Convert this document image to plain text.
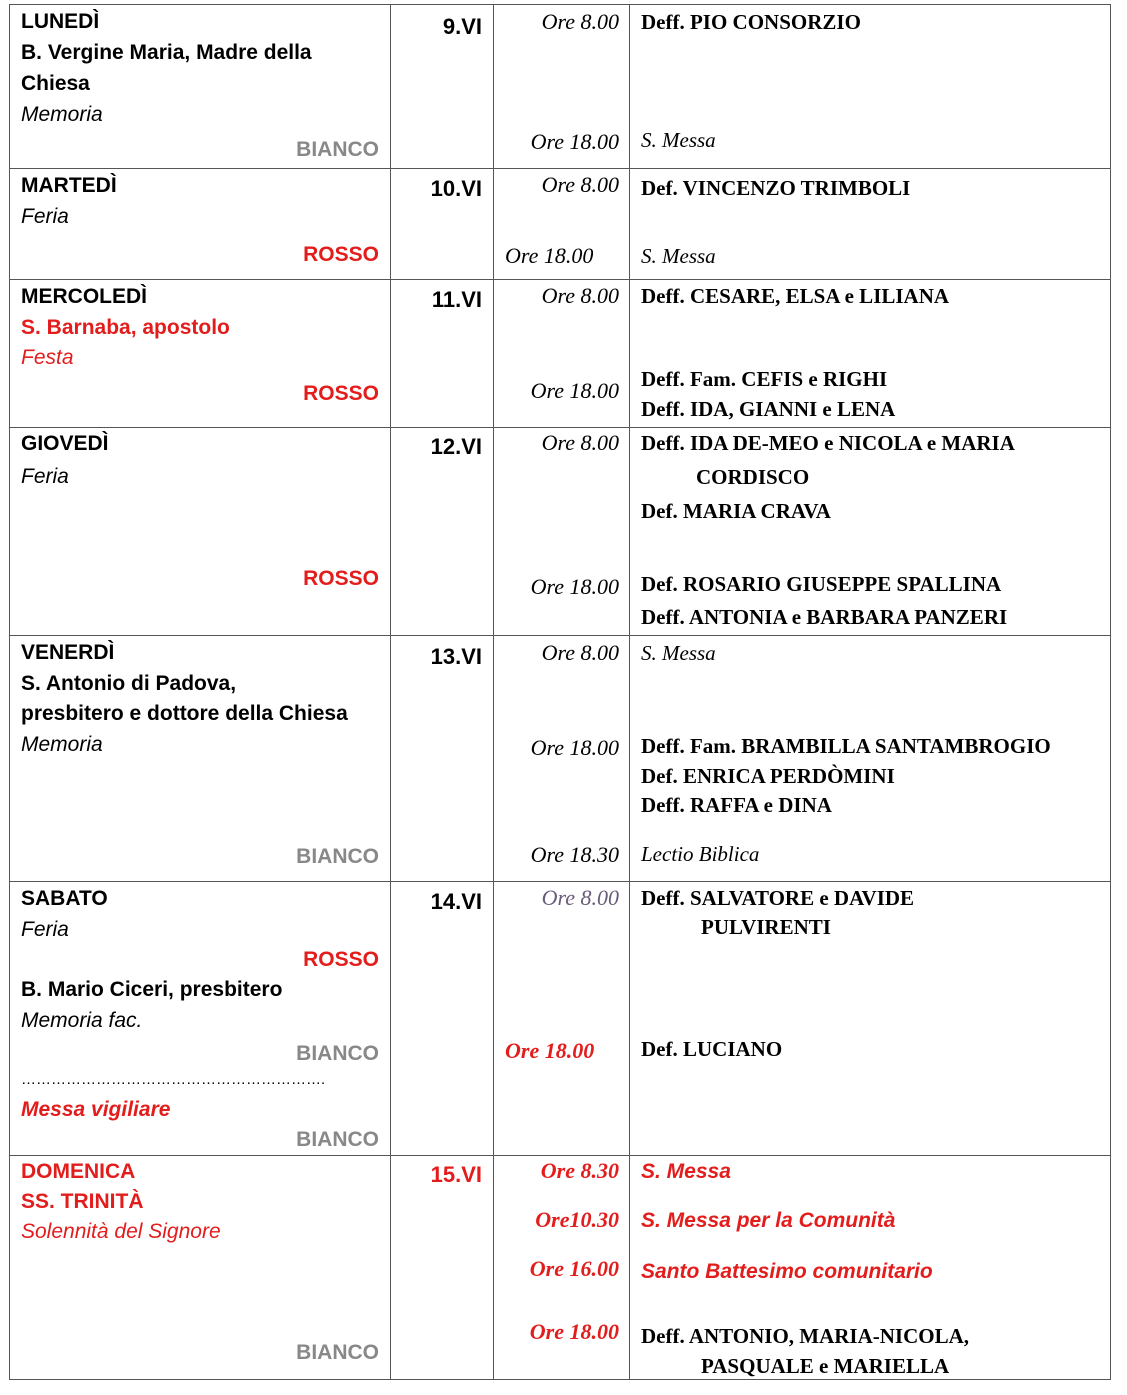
LUNEDÌ
B. Vergine Maria, Madre della
Chiesa
Memoria
BIANCO
9.VI	Ore 8.00 Deff. PIO CONSORZIO
Ore 18.00 S. Messa
MARTEDÌ
Feria
ROSSO
10.VI	Ore 8.00 Def. VINCENZO TRIMBOLI
Ore 18.00 S. Messa
MERCOLEDÌ
S. Barnaba, apostolo
Festa
ROSSO
11.VI	Ore 8.00 Deff. CESARE, ELSA e LILIANA
Ore 18.00 Deff. Fam. CEFIS e RIGHI
Deff. IDA, GIANNI e LENA
GIOVEDÌ
Feria
ROSSO
12.VI	Ore 8.00 Deff. IDA DE-MEO e NICOLA e MARIA
CORDISCO
Def. MARIA CRAVA
Ore 18.00 Def. ROSARIO GIUSEPPE SPALLINA
Deff. ANTONIA e BARBARA PANZERI
VENERDÌ
S. Antonio di Padova,
presbitero e dottore della Chiesa
Memoria
BIANCO
13.VI	Ore 8.00 S. Messa
Ore 18.00 Deff. Fam. BRAMBILLA SANTAMBROGIO
Def. ENRICA PERDÒMINI
Deff. RAFFA e DINA
Ore 18.30 Lectio Biblica
SABATO
Feria
ROSSO
B. Mario Ciceri, presbitero
Memoria fac.
BIANCO
…………………………………………………….
Messa vigiliare
BIANCO
14.VI	Ore 8.00 Deff. SALVATORE e DAVIDE
PULVIRENTI
Ore 18.00 Def. LUCIANO
DOMENICA
SS. TRINITÀ
Solennità del Signore
BIANCO
15.VI	Ore 8.30 S. Messa
Ore10.30 S. Messa per la Comunità
Ore 16.00 Santo Battesimo comunitario
Ore 18.00 Deff. ANTONIO, MARIA-NICOLA,
PASQUALE e MARIELLA
